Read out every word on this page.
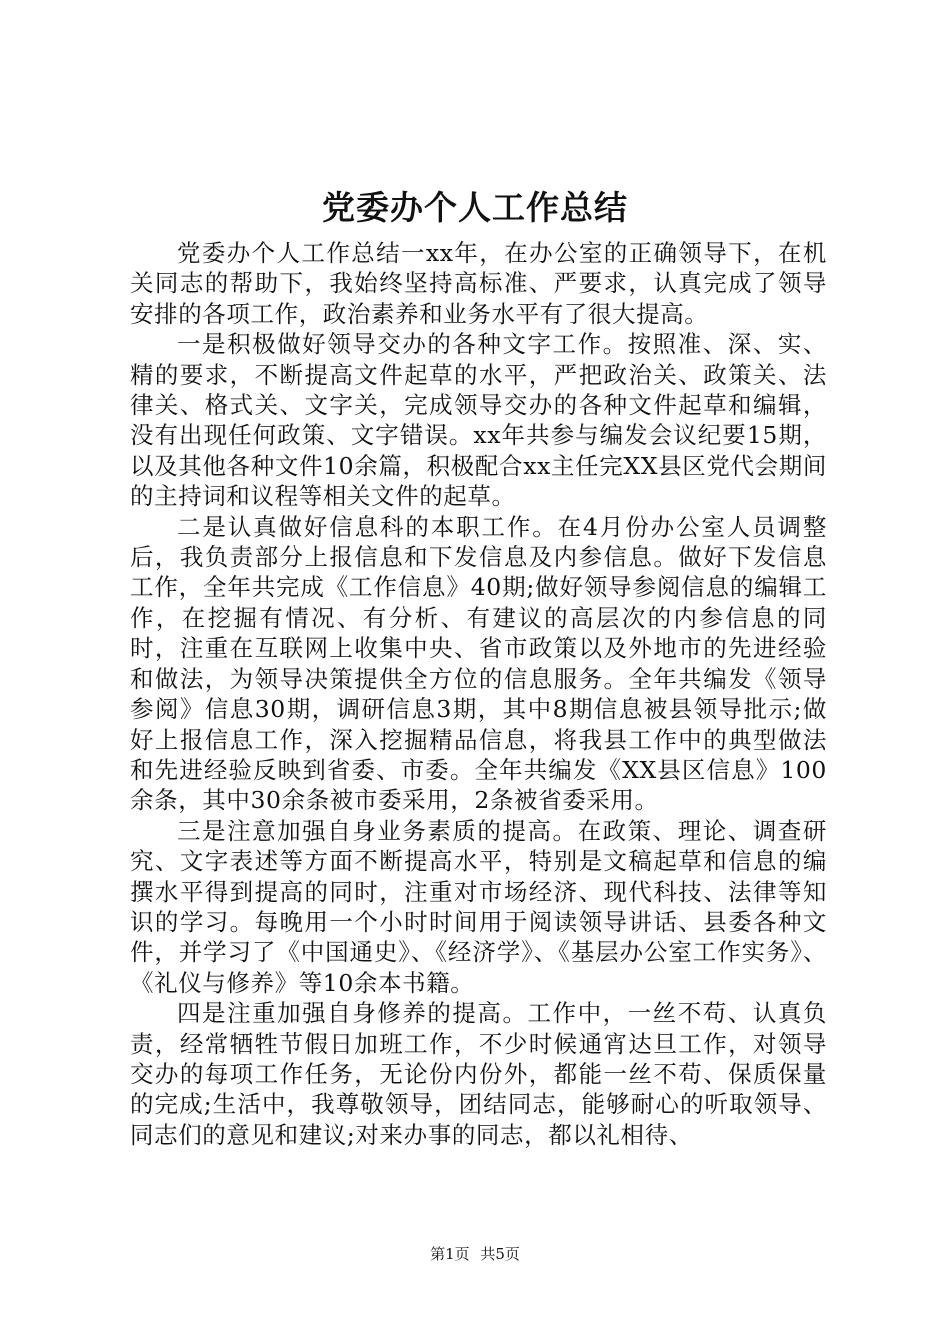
党委办个人工作总结

党委办个人工作总结一xx年，在办公室的正确领导下，在机关同志的帮助下，我始终坚持高标准、严要求，认真完成了领导安排的各项工作，政治素养和业务水平有了很大提高。

一是积极做好领导交办的各种文字工作。按照准、深、实、精的要求，不断提高文件起草的水平，严把政治关、政策关、法律关、格式关、文字关，完成领导交办的各种文件起草和编辑，没有出现任何政策、文字错误。xx年共参与编发会议纪要15期，以及其他各种文件10余篇，积极配合xx主任完XX县区党代会期间的主持词和议程等相关文件的起草。

二是认真做好信息科的本职工作。在4月份办公室人员调整后，我负责部分上报信息和下发信息及内参信息。做好下发信息工作，全年共完成《工作信息》40期;做好领导参阅信息的编辑工作，在挖掘有情况、有分析、有建议的高层次的内参信息的同时，注重在互联网上收集中央、省市政策以及外地市的先进经验和做法，为领导决策提供全方位的信息服务。全年共编发《领导参阅》信息30期，调研信息3期，其中8期信息被县领导批示;做好上报信息工作，深入挖掘精品信息，将我县工作中的典型做法和先进经验反映到省委、市委。全年共编发《XX县区信息》100余条，其中30余条被市委采用，2条被省委采用。

三是注意加强自身业务素质的提高。在政策、理论、调查研究、文字表述等方面不断提高水平，特别是文稿起草和信息的编撰水平得到提高的同时，注重对市场经济、现代科技、法律等知识的学习。每晚用一个小时时间用于阅读领导讲话、县委各种文件，并学习了《中国通史》、《经济学》、《基层办公室工作实务》、《礼仪与修养》等10余本书籍。

四是注重加强自身修养的提高。工作中，一丝不苟、认真负责，经常牺牲节假日加班工作，不少时候通宵达旦工作，对领导交办的每项工作任务，无论份内份外，都能一丝不苟、保质保量的完成;生活中，我尊敬领导，团结同志，能够耐心的听取领导、同志们的意见和建议;对来办事的同志，都以礼相待、

第1页 共5页
